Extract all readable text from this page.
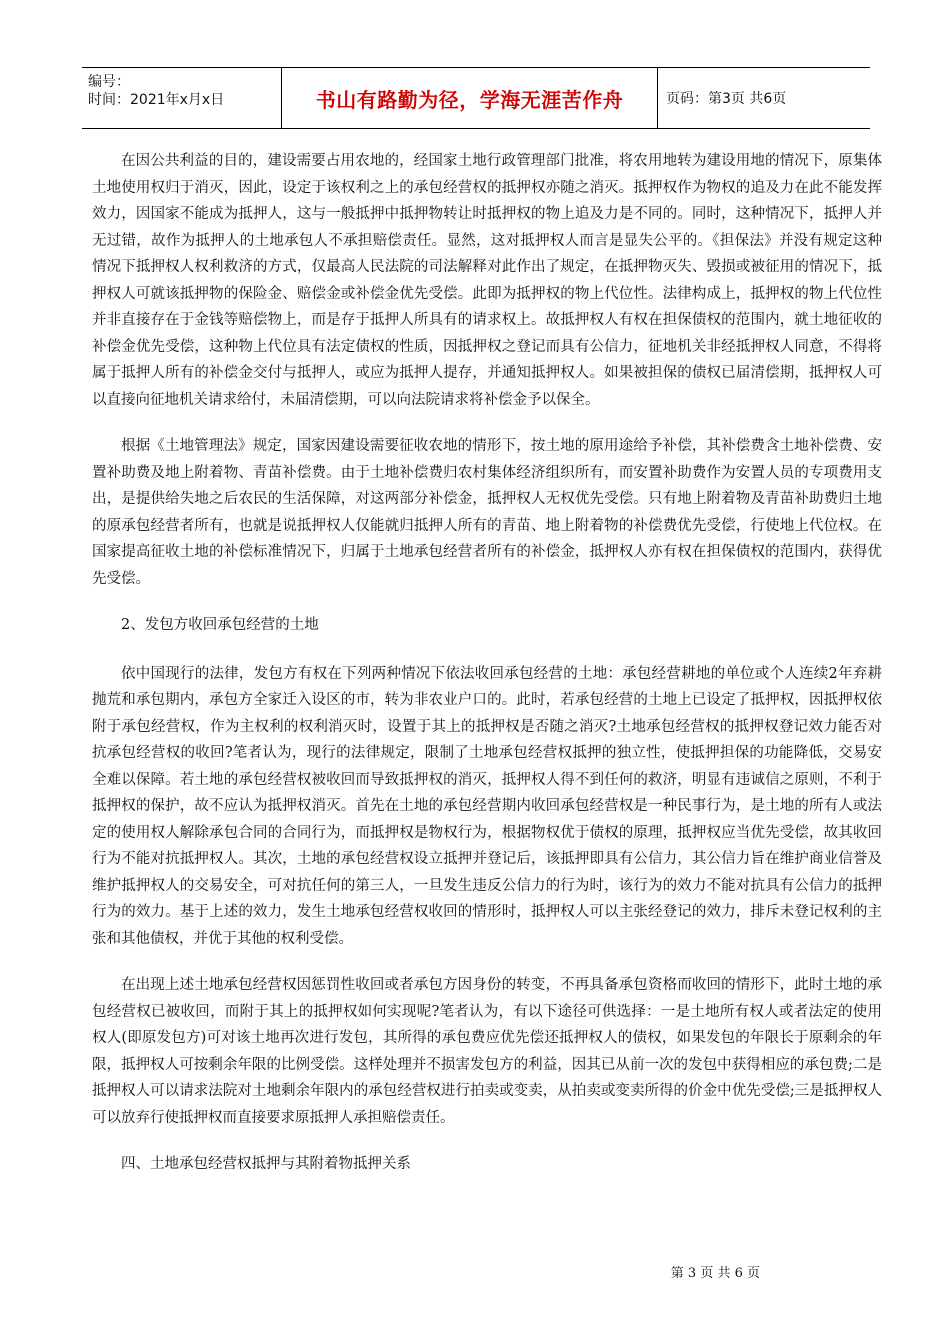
编号：
时间：2021年x月x日	书山有路勤为径，学海无涯苦作舟	页码：第3页 共6页

在因公共利益的目的，建设需要占用农地的，经国家土地行政管理部门批准，将农用地转为建设用地的情况下，原集体土地使用权归于消灭，因此，设定于该权利之上的承包经营权的抵押权亦随之消灭。抵押权作为物权的追及力在此不能发挥效力，因国家不能成为抵押人，这与一般抵押中抵押物转让时抵押权的物上追及力是不同的。同时，这种情况下，抵押人并无过错，故作为抵押人的土地承包人不承担赔偿责任。显然，这对抵押权人而言是显失公平的。《担保法》并没有规定这种情况下抵押权人权利救济的方式，仅最高人民法院的司法解释对此作出了规定，在抵押物灭失、毁损或被征用的情况下，抵押权人可就该抵押物的保险金、赔偿金或补偿金优先受偿。此即为抵押权的物上代位性。法律构成上，抵押权的物上代位性并非直接存在于金钱等赔偿物上，而是存于抵押人所具有的请求权上。故抵押权人有权在担保债权的范围内，就土地征收的补偿金优先受偿，这种物上代位具有法定债权的性质，因抵押权之登记而具有公信力，征地机关非经抵押权人同意，不得将属于抵押人所有的补偿金交付与抵押人，或应为抵押人提存，并通知抵押权人。如果被担保的债权已届清偿期，抵押权人可以直接向征地机关请求给付，未届清偿期，可以向法院请求将补偿金予以保全。

根据《土地管理法》规定，国家因建设需要征收农地的情形下，按土地的原用途给予补偿，其补偿费含土地补偿费、安置补助费及地上附着物、青苗补偿费。由于土地补偿费归农村集体经济组织所有，而安置补助费作为安置人员的专项费用支出，是提供给失地之后农民的生活保障，对这两部分补偿金，抵押权人无权优先受偿。只有地上附着物及青苗补助费归土地的原承包经营者所有，也就是说抵押权人仅能就归抵押人所有的青苗、地上附着物的补偿费优先受偿，行使地上代位权。在国家提高征收土地的补偿标准情况下，归属于土地承包经营者所有的补偿金，抵押权人亦有权在担保债权的范围内，获得优先受偿。

2、发包方收回承包经营的土地

依中国现行的法律，发包方有权在下列两种情况下依法收回承包经营的土地：承包经营耕地的单位或个人连续2年弃耕抛荒和承包期内，承包方全家迁入设区的市，转为非农业户口的。此时，若承包经营的土地上已设定了抵押权，因抵押权依附于承包经营权，作为主权利的权利消灭时，设置于其上的抵押权是否随之消灭?土地承包经营权的抵押权登记效力能否对抗承包经营权的收回?笔者认为，现行的法律规定，限制了土地承包经营权抵押的独立性，使抵押担保的功能降低，交易安全难以保障。若土地的承包经营权被收回而导致抵押权的消灭，抵押权人得不到任何的救济，明显有违诚信之原则，不利于抵押权的保护，故不应认为抵押权消灭。首先在土地的承包经营期内收回承包经营权是一种民事行为，是土地的所有人或法定的使用权人解除承包合同的合同行为，而抵押权是物权行为，根据物权优于债权的原理，抵押权应当优先受偿，故其收回行为不能对抗抵押权人。其次，土地的承包经营权设立抵押并登记后，该抵押即具有公信力，其公信力旨在维护商业信誉及维护抵押权人的交易安全，可对抗任何的第三人，一旦发生违反公信力的行为时，该行为的效力不能对抗具有公信力的抵押行为的效力。基于上述的效力，发生土地承包经营权收回的情形时，抵押权人可以主张经登记的效力，排斥未登记权利的主张和其他债权，并优于其他的权利受偿。

在出现上述土地承包经营权因惩罚性收回或者承包方因身份的转变，不再具备承包资格而收回的情形下，此时土地的承包经营权已被收回，而附于其上的抵押权如何实现呢?笔者认为，有以下途径可供选择：一是土地所有权人或者法定的使用权人(即原发包方)可对该土地再次进行发包，其所得的承包费应优先偿还抵押权人的债权，如果发包的年限长于原剩余的年限，抵押权人可按剩余年限的比例受偿。这样处理并不损害发包方的利益，因其已从前一次的发包中获得相应的承包费;二是抵押权人可以请求法院对土地剩余年限内的承包经营权进行拍卖或变卖，从拍卖或变卖所得的价金中优先受偿;三是抵押权人可以放弃行使抵押权而直接要求原抵押人承担赔偿责任。

四、土地承包经营权抵押与其附着物抵押关系

第 3 页 共 6 页
